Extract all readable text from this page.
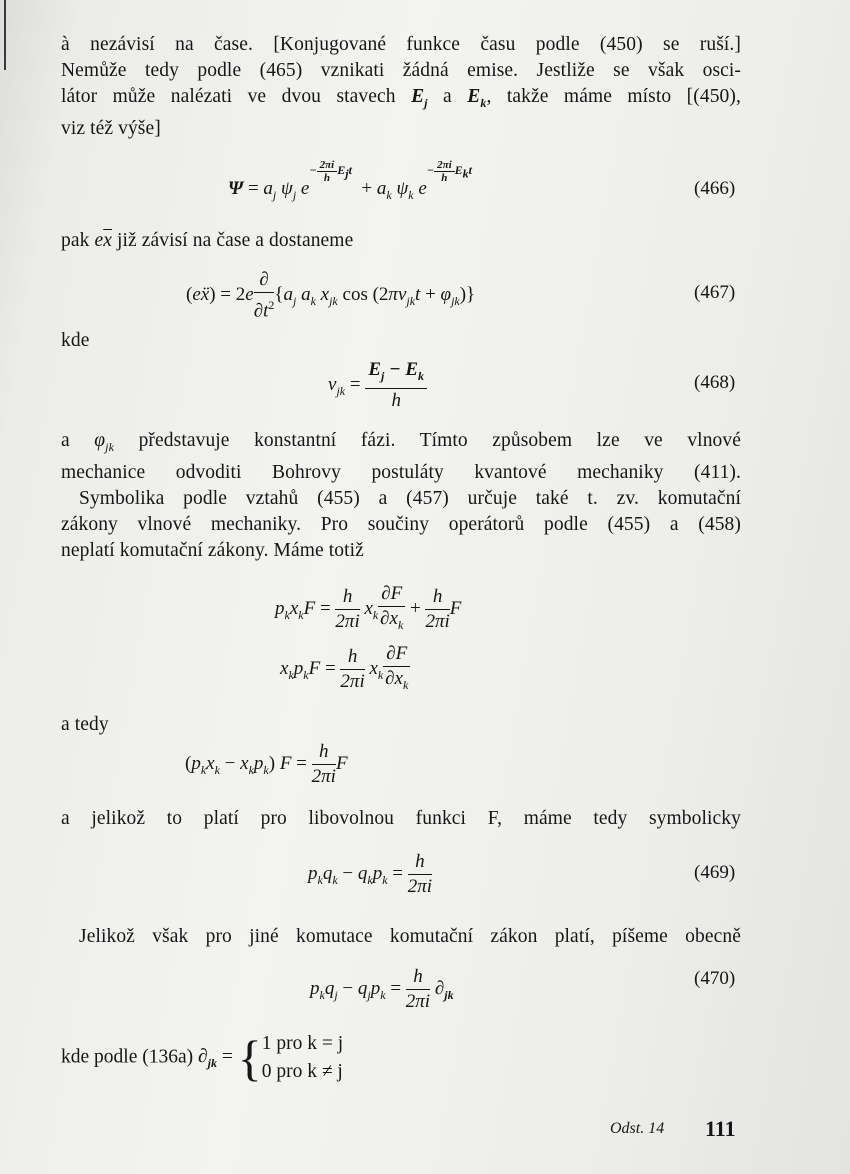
à nezávisí na čase. [Konjugované funkce času podle (450) se ruší.]
Nemůže tedy podle (465) vznikati žádná emise. Jestliže se však osci-
látor může nalézati ve dvou stavech $E_j$ a $E_k$, takže máme místo [(450),
viz též výše]
$\Psi = a_j$ $\psi_j$ $e^{- \frac{2\pi i}{h} E_jt} + a_k$ $\psi_k$ $e^{- \frac{2\pi i}{h} E_kt}$
(466)
pak $e\overline{x}$ již závisí na čase a dostaneme
(eẍ) = $2e \frac{\partial}{\partial t^2} \{a_j$ $a_k$ $x_{jk}$ $\cos (2\pi\nu_{jk}t + \varphi_{jk})$}	(467)
kde
$\nu_{jk} = \frac{E_j - E_k}{h}$	(468)
a $\varphi_{jk}$ představuje konstantní fázi. Tímto způsobem lze ve vlnové
mechanice odvoditi Bohrovy postuláty kvantové mechaniky (411).
Symbolika podle vztahů (455) a (457) určuje také t. zv. komutační
zákony vlnové mechaniky. Pro součiny operátorů podle (455) a (458)
neplatí komutační zákony. Máme totiž
$p_kx_kF = \frac{h}{2\pi i} x_k \frac{\partial F}{\partial x_k} + \frac{h}{2\pi i}$ F
$x_kp_kF = \frac{h}{2\pi i} x_k \frac{\partial F}{\partial x_k}$
a tedy
$(p_kx_k - x_kp_k) F = \frac{h}{2\pi i}$ F
a jelikož to platí pro libovolnou funkci F, máme tedy symbolicky
$p_kq_k - q_kp_k = \frac{h}{2\pi i}$	(469)
Jelikož však pro jiné komutace komutační zákon platí, píšeme obecně
$p_kq_j - q_jp_k = \frac{h}{2\pi i} \partial_{jk}$
(470)
kde podle (136a) $\partial_{jk}$ = { 1 pro k = j
0 pro k ≠ j
Odst. 14 111
